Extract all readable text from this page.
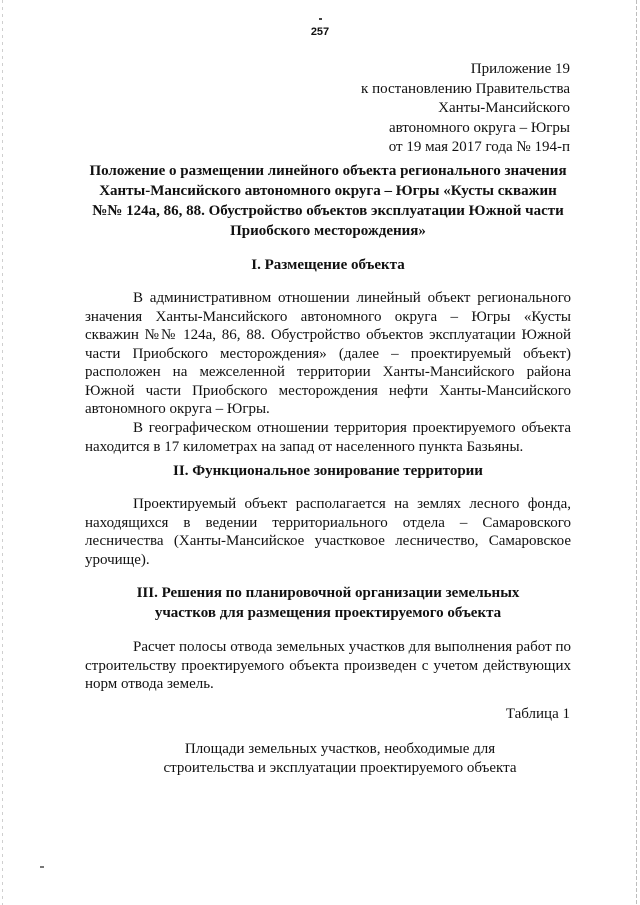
257
Приложение 19
к постановлению Правительства
Ханты-Мансийского
автономного округа – Югры
от 19 мая 2017 года № 194-п
Положение о размещении линейного объекта регионального значения
Ханты-Мансийского автономного округа – Югры «Кусты скважин
№№ 124а, 86, 88. Обустройство объектов эксплуатации Южной части
Приобского месторождения»
I. Размещение объекта

В административном отношении линейный объект регионального значения Ханты-Мансийского автономного округа – Югры «Кусты скважин №№ 124а, 86, 88. Обустройство объектов эксплуатации Южной части Приобского месторождения» (далее – проектируемый объект) расположен на межселенной территории Ханты-Мансийского района Южной части Приобского месторождения нефти Ханты-Мансийского автономного округа – Югры.

В географическом отношении территория проектируемого объекта находится в 17 километрах на запад от населенного пункта Базьяны.

II. Функциональное зонирование территории

Проектируемый объект располагается на землях лесного фонда, находящихся в ведении территориального отдела – Самаровского лесничества (Ханты-Мансийское участковое лесничество, Самаровское урочище).

III. Решения по планировочной организации земельных
участков для размещения проектируемого объекта

Расчет полосы отвода земельных участков для выполнения работ по строительству проектируемого объекта произведен с учетом действующих норм отвода земель.

Таблица 1
Площади земельных участков, необходимые для
строительства и эксплуатации проектируемого объекта
